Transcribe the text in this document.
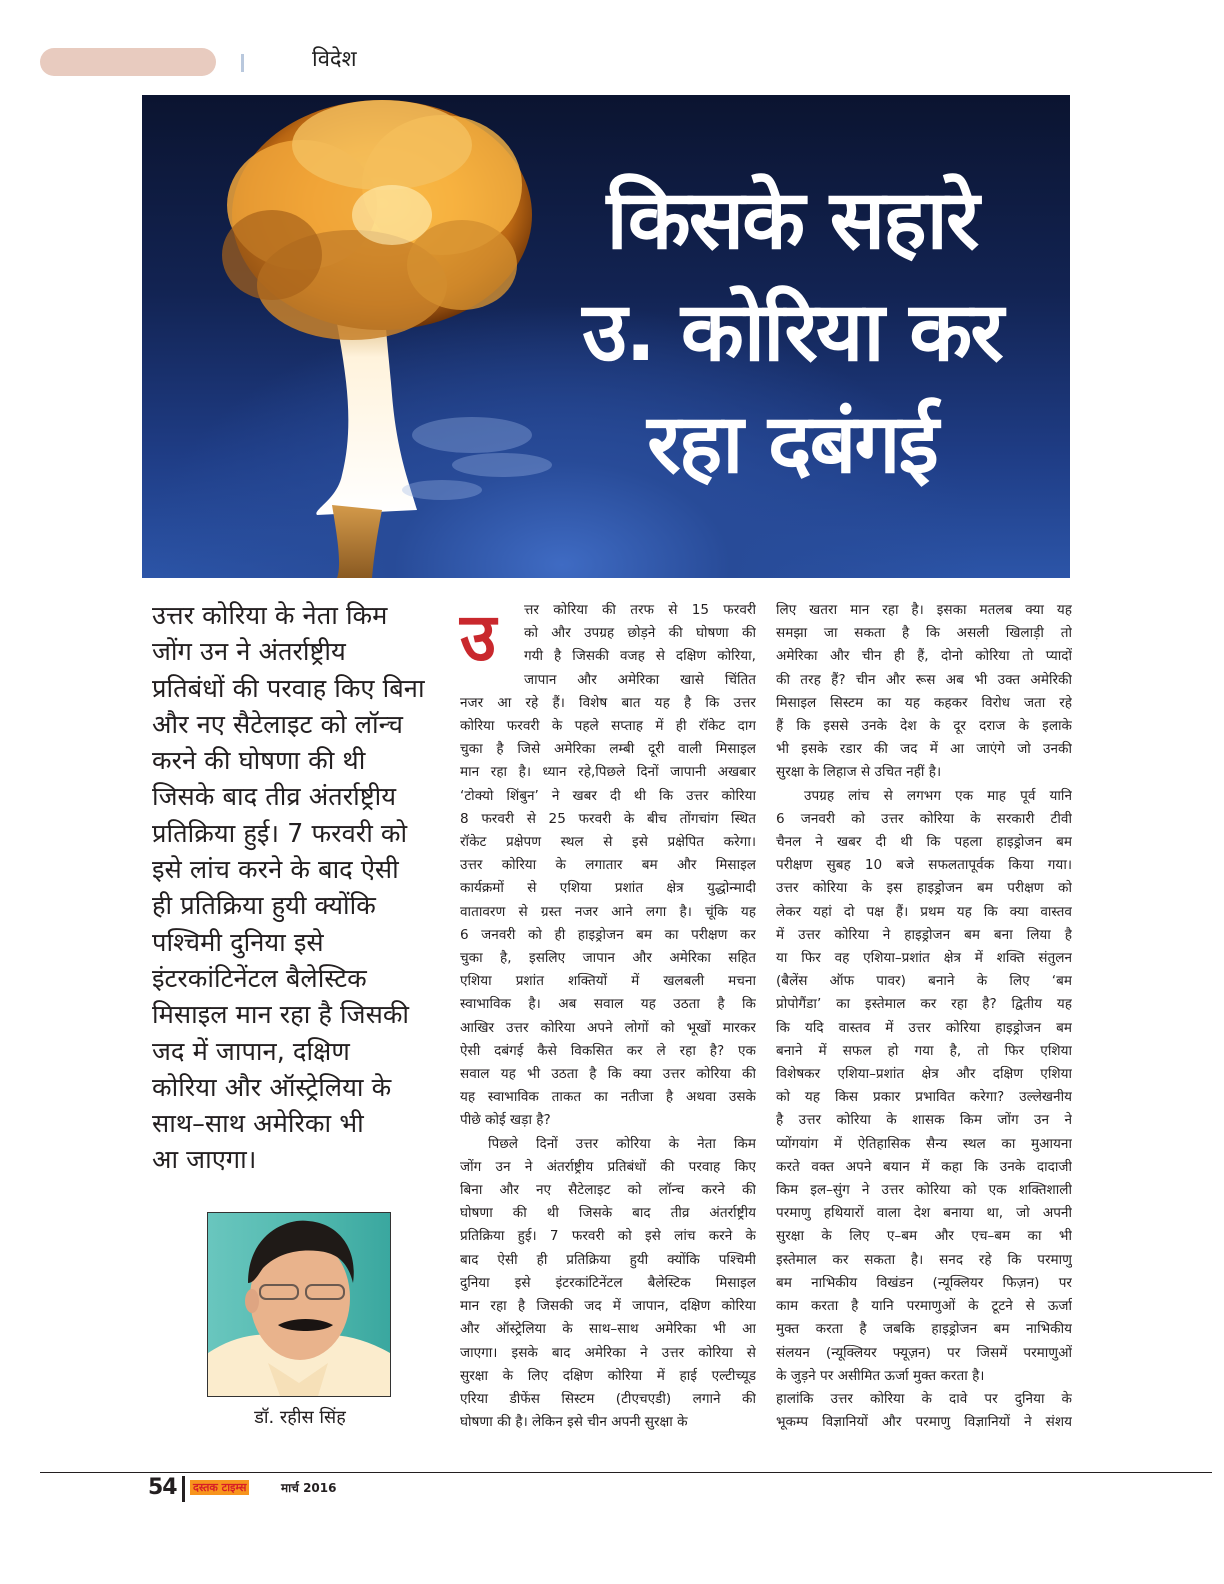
विदेश
किसके सहारे
उ. कोरिया कर
रहा दबंगई
उत्तर कोरिया के नेता किम
जोंग उन ने अंतर्राष्ट्रीय
प्रतिबंधों की परवाह किए बिना
और नए सैटेलाइट को लॉन्च
करने की घोषणा की थी
जिसके बाद तीव्र अंतर्राष्ट्रीय
प्रतिक्रिया हुई। 7 फरवरी को
इसे लांच करने के बाद ऐसी
ही प्रतिक्रिया हुयी क्योंकि
पश्चिमी दुनिया इसे
इंटरकांटिनेंटल बैलेस्टिक
मिसाइल मान रहा है जिसकी
जद में जापान, दक्षिण
कोरिया और ऑस्ट्रेलिया के
साथ–साथ अमेरिका भी
आ जाएगा।
डॉ. रहीस सिंह
उ	त्तर कोरिया की तरफ से 15 फरवरी
को और उपग्रह छोड़ने की घोषणा की
गयी है जिसकी वजह से दक्षिण कोरिया,
जापान और अमेरिका खासे चिंतित
नजर आ रहे हैं। विशेष बात यह है कि उत्तर
कोरिया फरवरी के पहले सप्ताह में ही रॉकेट दाग
चुका है जिसे अमेरिका लम्बी दूरी वाली मिसाइल
मान रहा है। ध्यान रहे,पिछले दिनों जापानी अखबार
‘टोक्यो शिंबुन’ ने खबर दी थी कि उत्तर कोरिया
8 फरवरी से 25 फरवरी के बीच तोंगचांग स्थित
रॉकेट प्रक्षेपण स्थल से इसे प्रक्षेपित करेगा।
उत्तर कोरिया के लगातार बम और मिसाइल
कार्यक्रमों से एशिया प्रशांत क्षेत्र युद्धोन्मादी
वातावरण से ग्रस्त नजर आने लगा है। चूंकि यह
6 जनवरी को ही हाइड्रोजन बम का परीक्षण कर
चुका है, इसलिए जापान और अमेरिका सहित
एशिया प्रशांत शक्तियों में खलबली मचना
स्वाभाविक है। अब सवाल यह उठता है कि
आखिर उत्तर कोरिया अपने लोगों को भूखों मारकर
ऐसी दबंगई कैसे विकसित कर ले रहा है? एक
सवाल यह भी उठता है कि क्या उत्तर कोरिया की
यह स्वाभाविक ताकत का नतीजा है अथवा उसके
पीछे कोई खड़ा है?
पिछले दिनों उत्तर कोरिया के नेता किम
जोंग उन ने अंतर्राष्ट्रीय प्रतिबंधों की परवाह किए
बिना और नए सैटेलाइट को लॉन्च करने की
घोषणा की थी जिसके बाद तीव्र अंतर्राष्ट्रीय
प्रतिक्रिया हुई। 7 फरवरी को इसे लांच करने के
बाद ऐसी ही प्रतिक्रिया हुयी क्योंकि पश्चिमी
दुनिया इसे इंटरकांटिनेंटल बैलेस्टिक मिसाइल
मान रहा है जिसकी जद में जापान, दक्षिण कोरिया
और ऑस्ट्रेलिया के साथ–साथ अमेरिका भी आ
जाएगा। इसके बाद अमेरिका ने उत्तर कोरिया से
सुरक्षा के लिए दक्षिण कोरिया में हाई एल्टीच्यूड
एरिया डीफेंस सिस्टम (टीएचएडी) लगाने की
घोषणा की है। लेकिन इसे चीन अपनी सुरक्षा के
लिए खतरा मान रहा है। इसका मतलब क्या यह
समझा जा सकता है कि असली खिलाड़ी तो
अमेरिका और चीन ही हैं, दोनो कोरिया तो प्यादों
की तरह हैं? चीन और रूस अब भी उक्त अमेरिकी
मिसाइल सिस्टम का यह कहकर विरोध जता रहे
हैं कि इससे उनके देश के दूर दराज के इलाके
भी इसके रडार की जद में आ जाएंगे जो उनकी
सुरक्षा के लिहाज से उचित नहीं है।
उपग्रह लांच से लगभग एक माह पूर्व यानि
6 जनवरी को उत्तर कोरिया के सरकारी टीवी
चैनल ने खबर दी थी कि पहला हाइड्रोजन बम
परीक्षण सुबह 10 बजे सफलतापूर्वक किया गया।
उत्तर कोरिया के इस हाइड्रोजन बम परीक्षण को
लेकर यहां दो पक्ष हैं। प्रथम यह कि क्या वास्तव
में उत्तर कोरिया ने हाइड्रोजन बम बना लिया है
या फिर वह एशिया–प्रशांत क्षेत्र में शक्ति संतुलन
(बैलेंस ऑफ पावर) बनाने के लिए ‘बम
प्रोपोगैंडा’ का इस्तेमाल कर रहा है? द्वितीय यह
कि यदि वास्तव में उत्तर कोरिया हाइड्रोजन बम
बनाने में सफल हो गया है, तो फिर एशिया
विशेषकर एशिया–प्रशांत क्षेत्र और दक्षिण एशिया
को यह किस प्रकार प्रभावित करेगा? उल्लेखनीय
है उत्तर कोरिया के शासक किम जोंग उन ने
प्योंगयांग में ऐतिहासिक सैन्य स्थल का मुआयना
करते वक्त अपने बयान में कहा कि उनके दादाजी
किम इल–सुंग ने उत्तर कोरिया को एक शक्तिशाली
परमाणु हथियारों वाला देश बनाया था, जो अपनी
सुरक्षा के लिए ए–बम और एच–बम का भी
इस्तेमाल कर सकता है। सनद रहे कि परमाणु
बम नाभिकीय विखंडन (न्यूक्लियर फिज़न) पर
काम करता है यानि परमाणुओं के टूटने से ऊर्जा
मुक्त करता है जबकि हाइड्रोजन बम नाभिकीय
संलयन (न्यूक्लियर फ्यूज़न) पर जिसमें परमाणुओं
के जुड़ने पर असीमित ऊर्जा मुक्त करता है।
हालांकि उत्तर कोरिया के दावे पर दुनिया के
भूकम्प विज्ञानियों और परमाणु विज्ञानियों ने संशय
54 दस्तक टाइम्स	मार्च 2016
